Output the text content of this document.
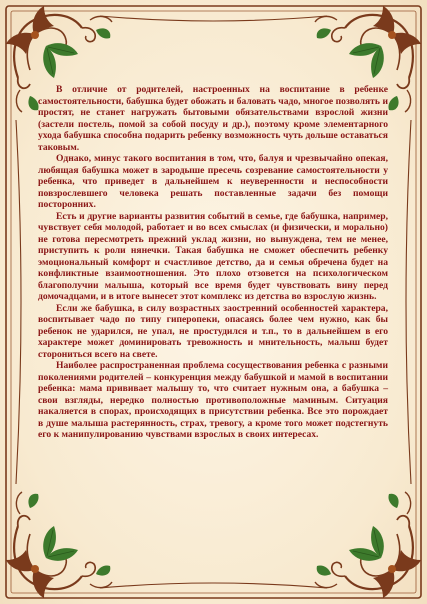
В отличие от родителей, настроенных на воспитание в ребенке самостоятельности, бабушка будет обожать и баловать чадо, многое позволять и простят, не станет нагружать бытовыми обязательствами взрослой жизни (застели постель, помой за собой посуду и др.), поэтому кроме элементарного ухода бабушка способна подарить ребенку возможность чуть дольше оставаться таковым.

Однако, минус такого воспитания в том, что, балуя и чрезвычайно опекая, любящая бабушка может в зародыше пресечь созревание самостоятельности у ребенка, что приведет в дальнейшем к неуверенности и неспособности повзрослевшего человека решать поставленные задачи без помощи посторонних.

Есть и другие варианты развития событий в семье, где бабушка, например, чувствует себя молодой, работает и во всех смыслах (и физически, и морально) не готова пересмотреть прежний уклад жизни, но вынуждена, тем не менее, приступить к роли нянечки. Такая бабушка не сможет обеспечить ребенку эмоциональный комфорт и счастливое детство, да и семья обречена будет на конфликтные взаимоотношения. Это плохо отзовется на психологическом благополучии малыша, который все время будет чувствовать вину перед домочадцами, и в итоге вынесет этот комплекс из детства во взрослую жизнь.

Если же бабушка, в силу возрастных заостренний особенностей характера, воспитывает чадо по типу гиперопеки, опасаясь более чем нужно, как бы ребенок не ударился, не упал, не простудился и т.п., то в дальнейшем в его характере может доминировать тревожность и мнительность, малыш будет сторониться всего на свете.

Наиболее распространенная проблема сосуществования ребенка с разными поколениями родителей – конкуренция между бабушкой и мамой в воспитании ребенка: мама прививает малышу то, что считает нужным она, а бабушка – свои взгляды, нередко полностью противоположные маминым. Ситуация накаляется в спорах, происходящих в присутствии ребенка. Все это порождает в душе малыша растерянность, страх, тревогу, а кроме того может подстегнуть его к манипулированию чувствами взрослых в своих интересах.
